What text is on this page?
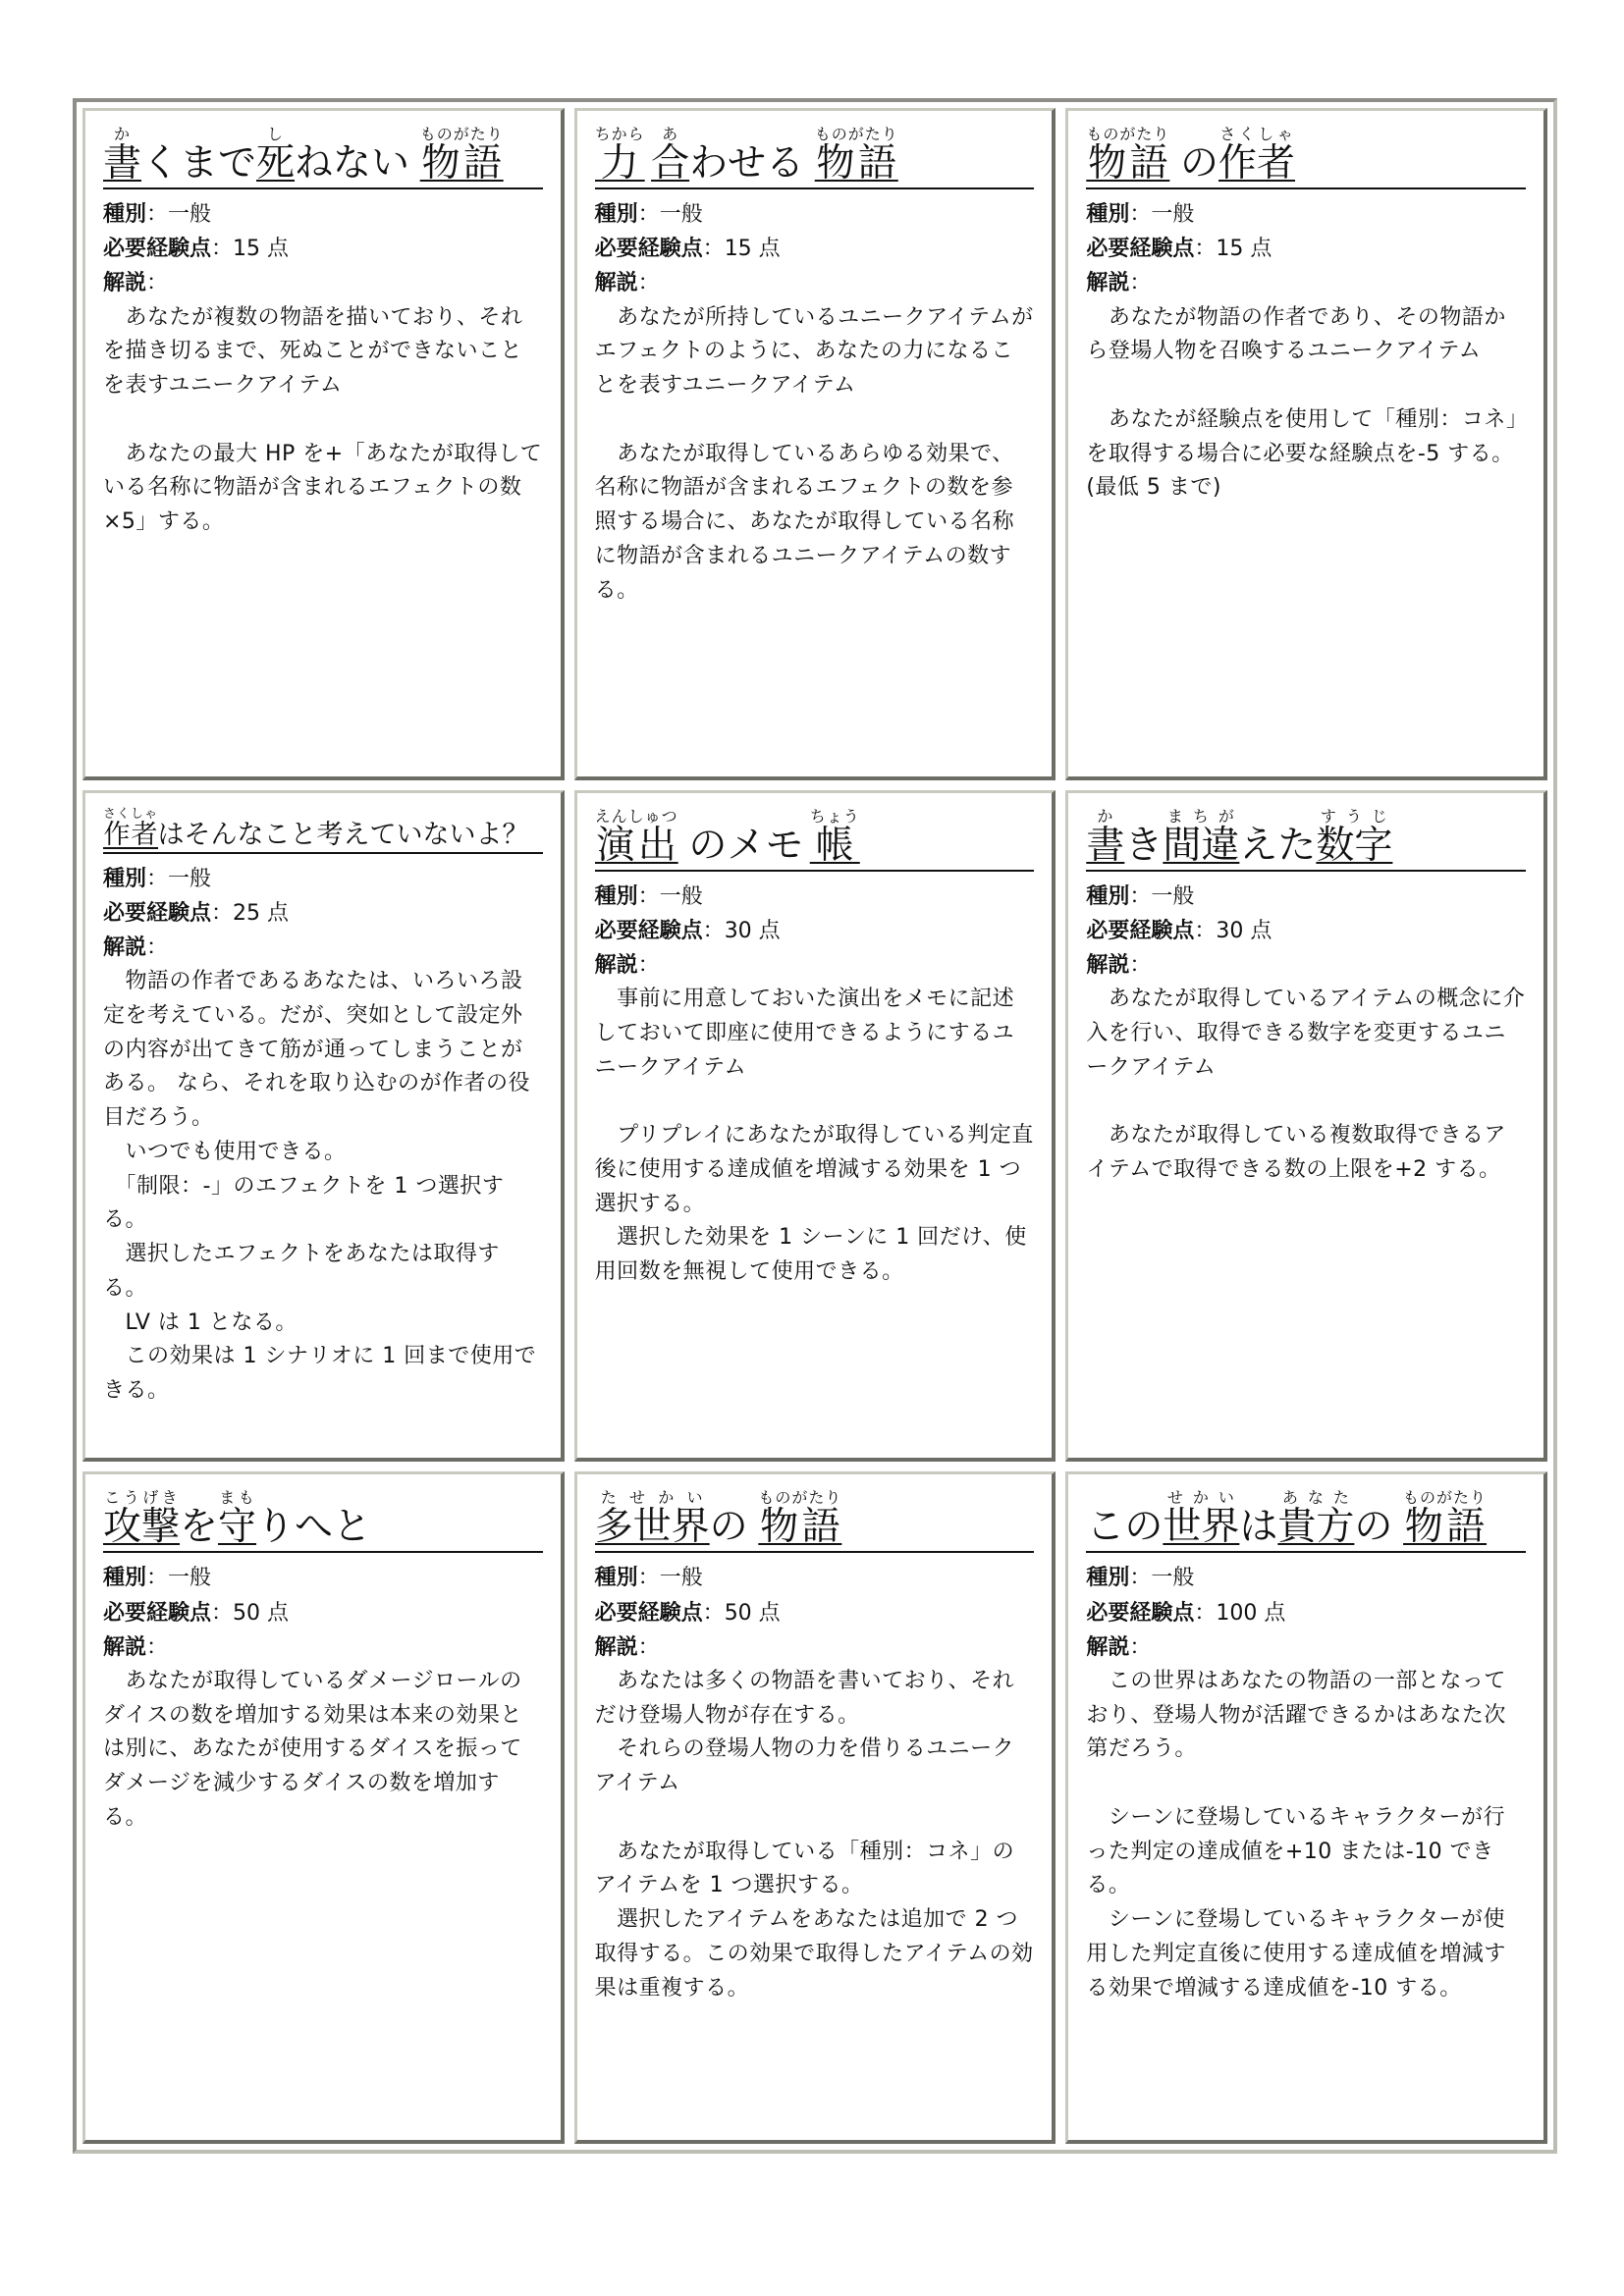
書かくまで死しねない 物語ものがたり

種別：一般

必要経験点：15 点

解説：

　あなたが複数の物語を描いており、それを描き切るまで、死ぬことができないことを表すユニークアイテム

　あなたの最大 HP を+「あなたが取得している名称に物語が含まれるエフェクトの数×5」する。

力ちから 合あわせる 物語ものがたり

種別：一般

必要経験点：15 点

解説：

　あなたが所持しているユニークアイテムがエフェクトのように、あなたの力になることを表すユニークアイテム

　あなたが取得しているあらゆる効果で、名称に物語が含まれるエフェクトの数を参照する場合に、あなたが取得している名称に物語が含まれるユニークアイテムの数する。

物語ものがたり の作者さくしゃ

種別：一般

必要経験点：15 点

解説：

　あなたが物語の作者であり、その物語から登場人物を召喚するユニークアイテム

　あなたが経験点を使用して「種別：コネ」を取得する場合に必要な経験点を-5 する。(最低 5 まで)

作者さくしゃはそんなこと考えていないよ？

種別：一般

必要経験点：25 点

解説：

　物語の作者であるあなたは、いろいろ設定を考えている。だが、突如として設定外の内容が出てきて筋が通ってしまうことがある。 なら、それを取り込むのが作者の役目だろう。
　いつでも使用できる。
　「制限：-」のエフェクトを 1 つ選択する。
　選択したエフェクトをあなたは取得する。
　LV は 1 となる。
　この効果は 1 シナリオに 1 回まで使用できる。

演出えんしゅつ のメモ 帳ちょう

種別：一般

必要経験点：30 点

解説：

　事前に用意しておいた演出をメモに記述しておいて即座に使用できるようにするユニークアイテム

　プリプレイにあなたが取得している判定直後に使用する達成値を増減する効果を 1 つ選択する。
　選択した効果を 1 シーンに 1 回だけ、使用回数を無視して使用できる。

書かき間違まちがえた数字すうじ

種別：一般

必要経験点：30 点

解説：

　あなたが取得しているアイテムの概念に介入を行い、取得できる数字を変更するユニークアイテム

　あなたが取得している複数取得できるアイテムで取得できる数の上限を+2 する。

攻撃こうげきを守まもりへと

種別：一般

必要経験点：50 点

解説：

　あなたが取得しているダメージロールのダイスの数を増加する効果は本来の効果とは別に、あなたが使用するダイスを振ってダメージを減少するダイスの数を増加する。

多世界たせかいの 物語ものがたり

種別：一般

必要経験点：50 点

解説：

　あなたは多くの物語を書いており、それだけ登場人物が存在する。
　それらの登場人物の力を借りるユニークアイテム

　あなたが取得している「種別：コネ」のアイテムを 1 つ選択する。
　選択したアイテムをあなたは追加で 2 つ取得する。この効果で取得したアイテムの効果は重複する。

この世界せかいは貴方あなたの 物語ものがたり

種別：一般

必要経験点：100 点

解説：

　この世界はあなたの物語の一部となっており、登場人物が活躍できるかはあなた次第だろう。

　シーンに登場しているキャラクターが行った判定の達成値を+10 または-10 できる。
　シーンに登場しているキャラクターが使用した判定直後に使用する達成値を増減する効果で増減する達成値を-10 する。
